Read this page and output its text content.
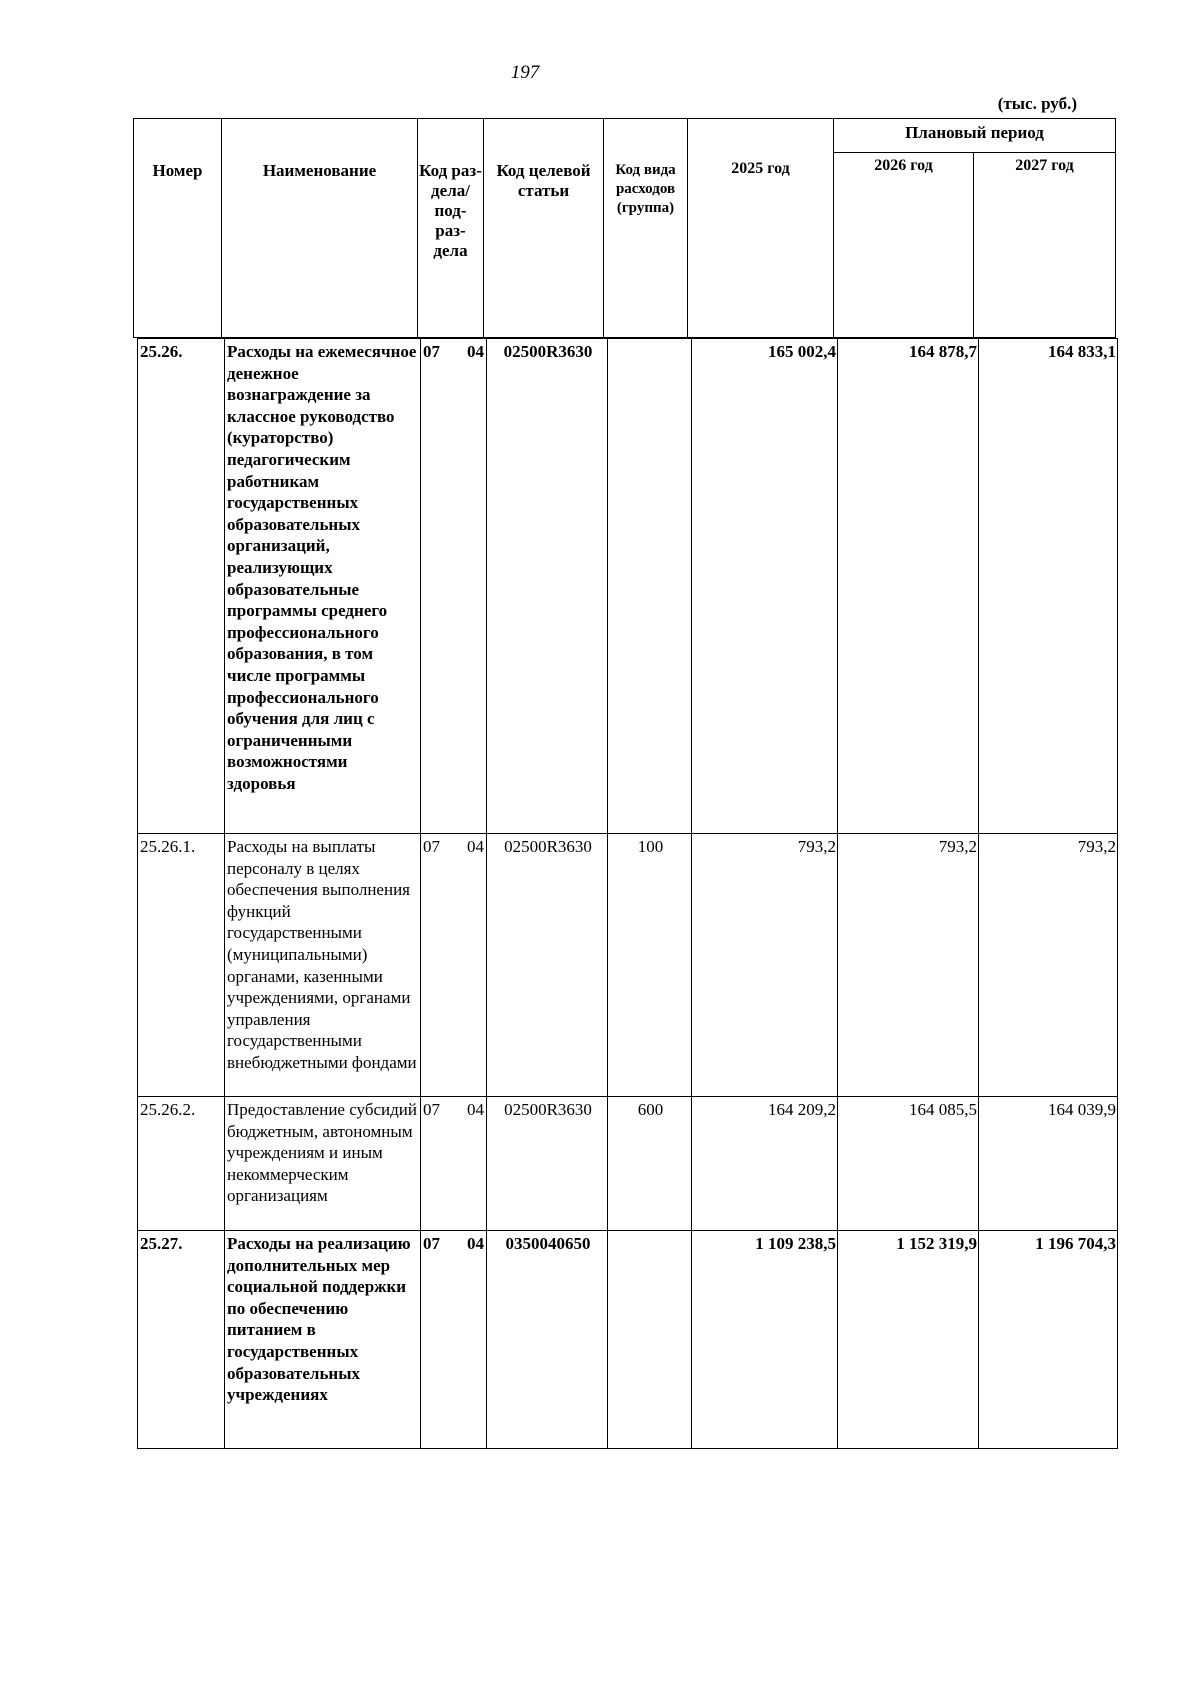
197
(тыс. руб.)
Номер	Наименование	Код раз-
дела/
под-
раз-
дела	Код целевой статьи	Код вида расходов (группа)	2025 год	Плановый период	
						2026 год	2027 год
25.26.	Расходы на ежемесячное денежное вознаграждение за классное руководство (кураторство) педагогическим работникам государственных образовательных организаций, реализующих образовательные программы среднего профессионального образования, в том числе программы профессионального обучения для лиц с ограниченными возможностями здоровья	07 04	02500R3630		165 002,4	164 878,7	164 833,1
25.26.1.	Расходы на выплаты персоналу в целях обеспечения выполнения функций государственными (муниципальными) органами, казенными учреждениями, органами управления государственными внебюджетными фондами	07 04	02500R3630	100	793,2	793,2	793,2
25.26.2.	Предоставление субсидий бюджетным, автономным учреждениям и иным некоммерческим организациям	07 04	02500R3630	600	164 209,2	164 085,5	164 039,9
25.27.	Расходы на реализацию дополнительных мер социальной поддержки по обеспечению питанием в государственных образовательных учреждениях	07 04	0350040650		1 109 238,5	1 152 319,9	1 196 704,3
